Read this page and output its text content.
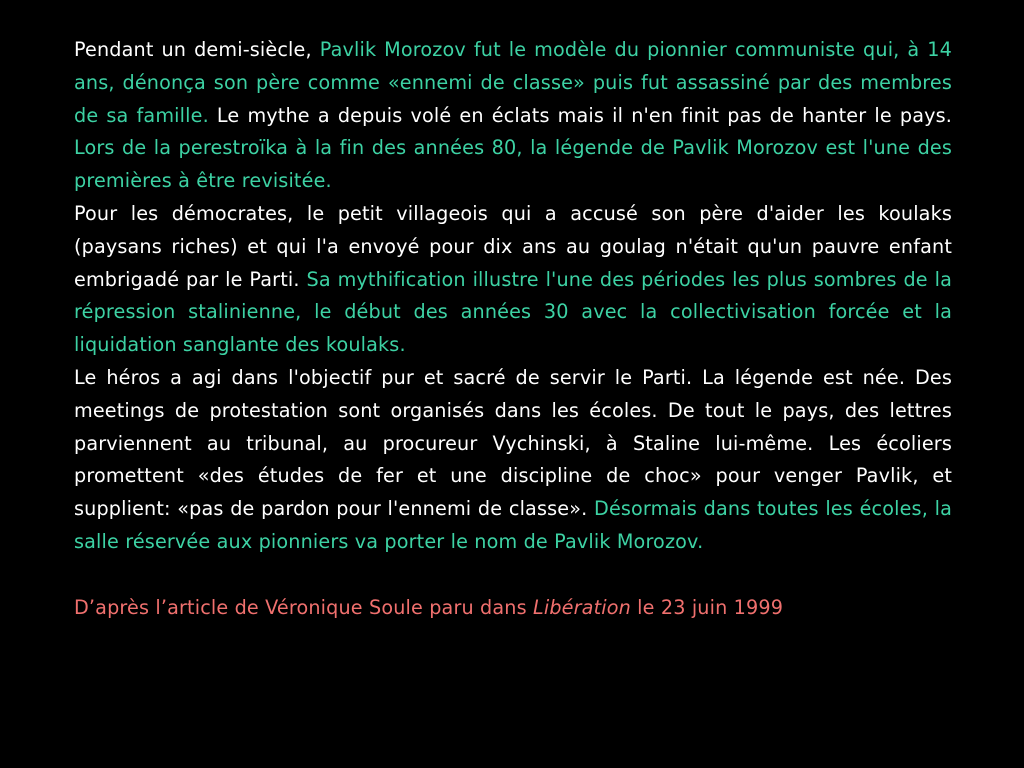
Pendant un demi-siècle, Pavlik Morozov fut le modèle du pionnier communiste qui, à 14 ans, dénonça son père comme «ennemi de classe» puis fut assassiné par des membres de sa famille. Le mythe a depuis volé en éclats mais il n'en finit pas de hanter le pays. Lors de la perestroïka à la fin des années 80, la légende de Pavlik Morozov est l'une des premières à être revisitée.

Pour les démocrates, le petit villageois qui a accusé son père d'aider les koulaks (paysans riches) et qui l'a envoyé pour dix ans au goulag n'était qu'un pauvre enfant embrigadé par le Parti. Sa mythification illustre l'une des périodes les plus sombres de la répression stalinienne, le début des années 30 avec la collectivisation forcée et la liquidation sanglante des koulaks.

Le héros a agi dans l'objectif pur et sacré de servir le Parti. La légende est née. Des meetings de protestation sont organisés dans les écoles. De tout le pays, des lettres parviennent au tribunal, au procureur Vychinski, à Staline lui-même. Les écoliers promettent «des études de fer et une discipline de choc» pour venger Pavlik, et supplient: «pas de pardon pour l'ennemi de classe». Désormais dans toutes les écoles, la salle réservée aux pionniers va porter le nom de Pavlik Morozov.

D’après l’article de Véronique Soule paru dans Libération le 23 juin 1999
